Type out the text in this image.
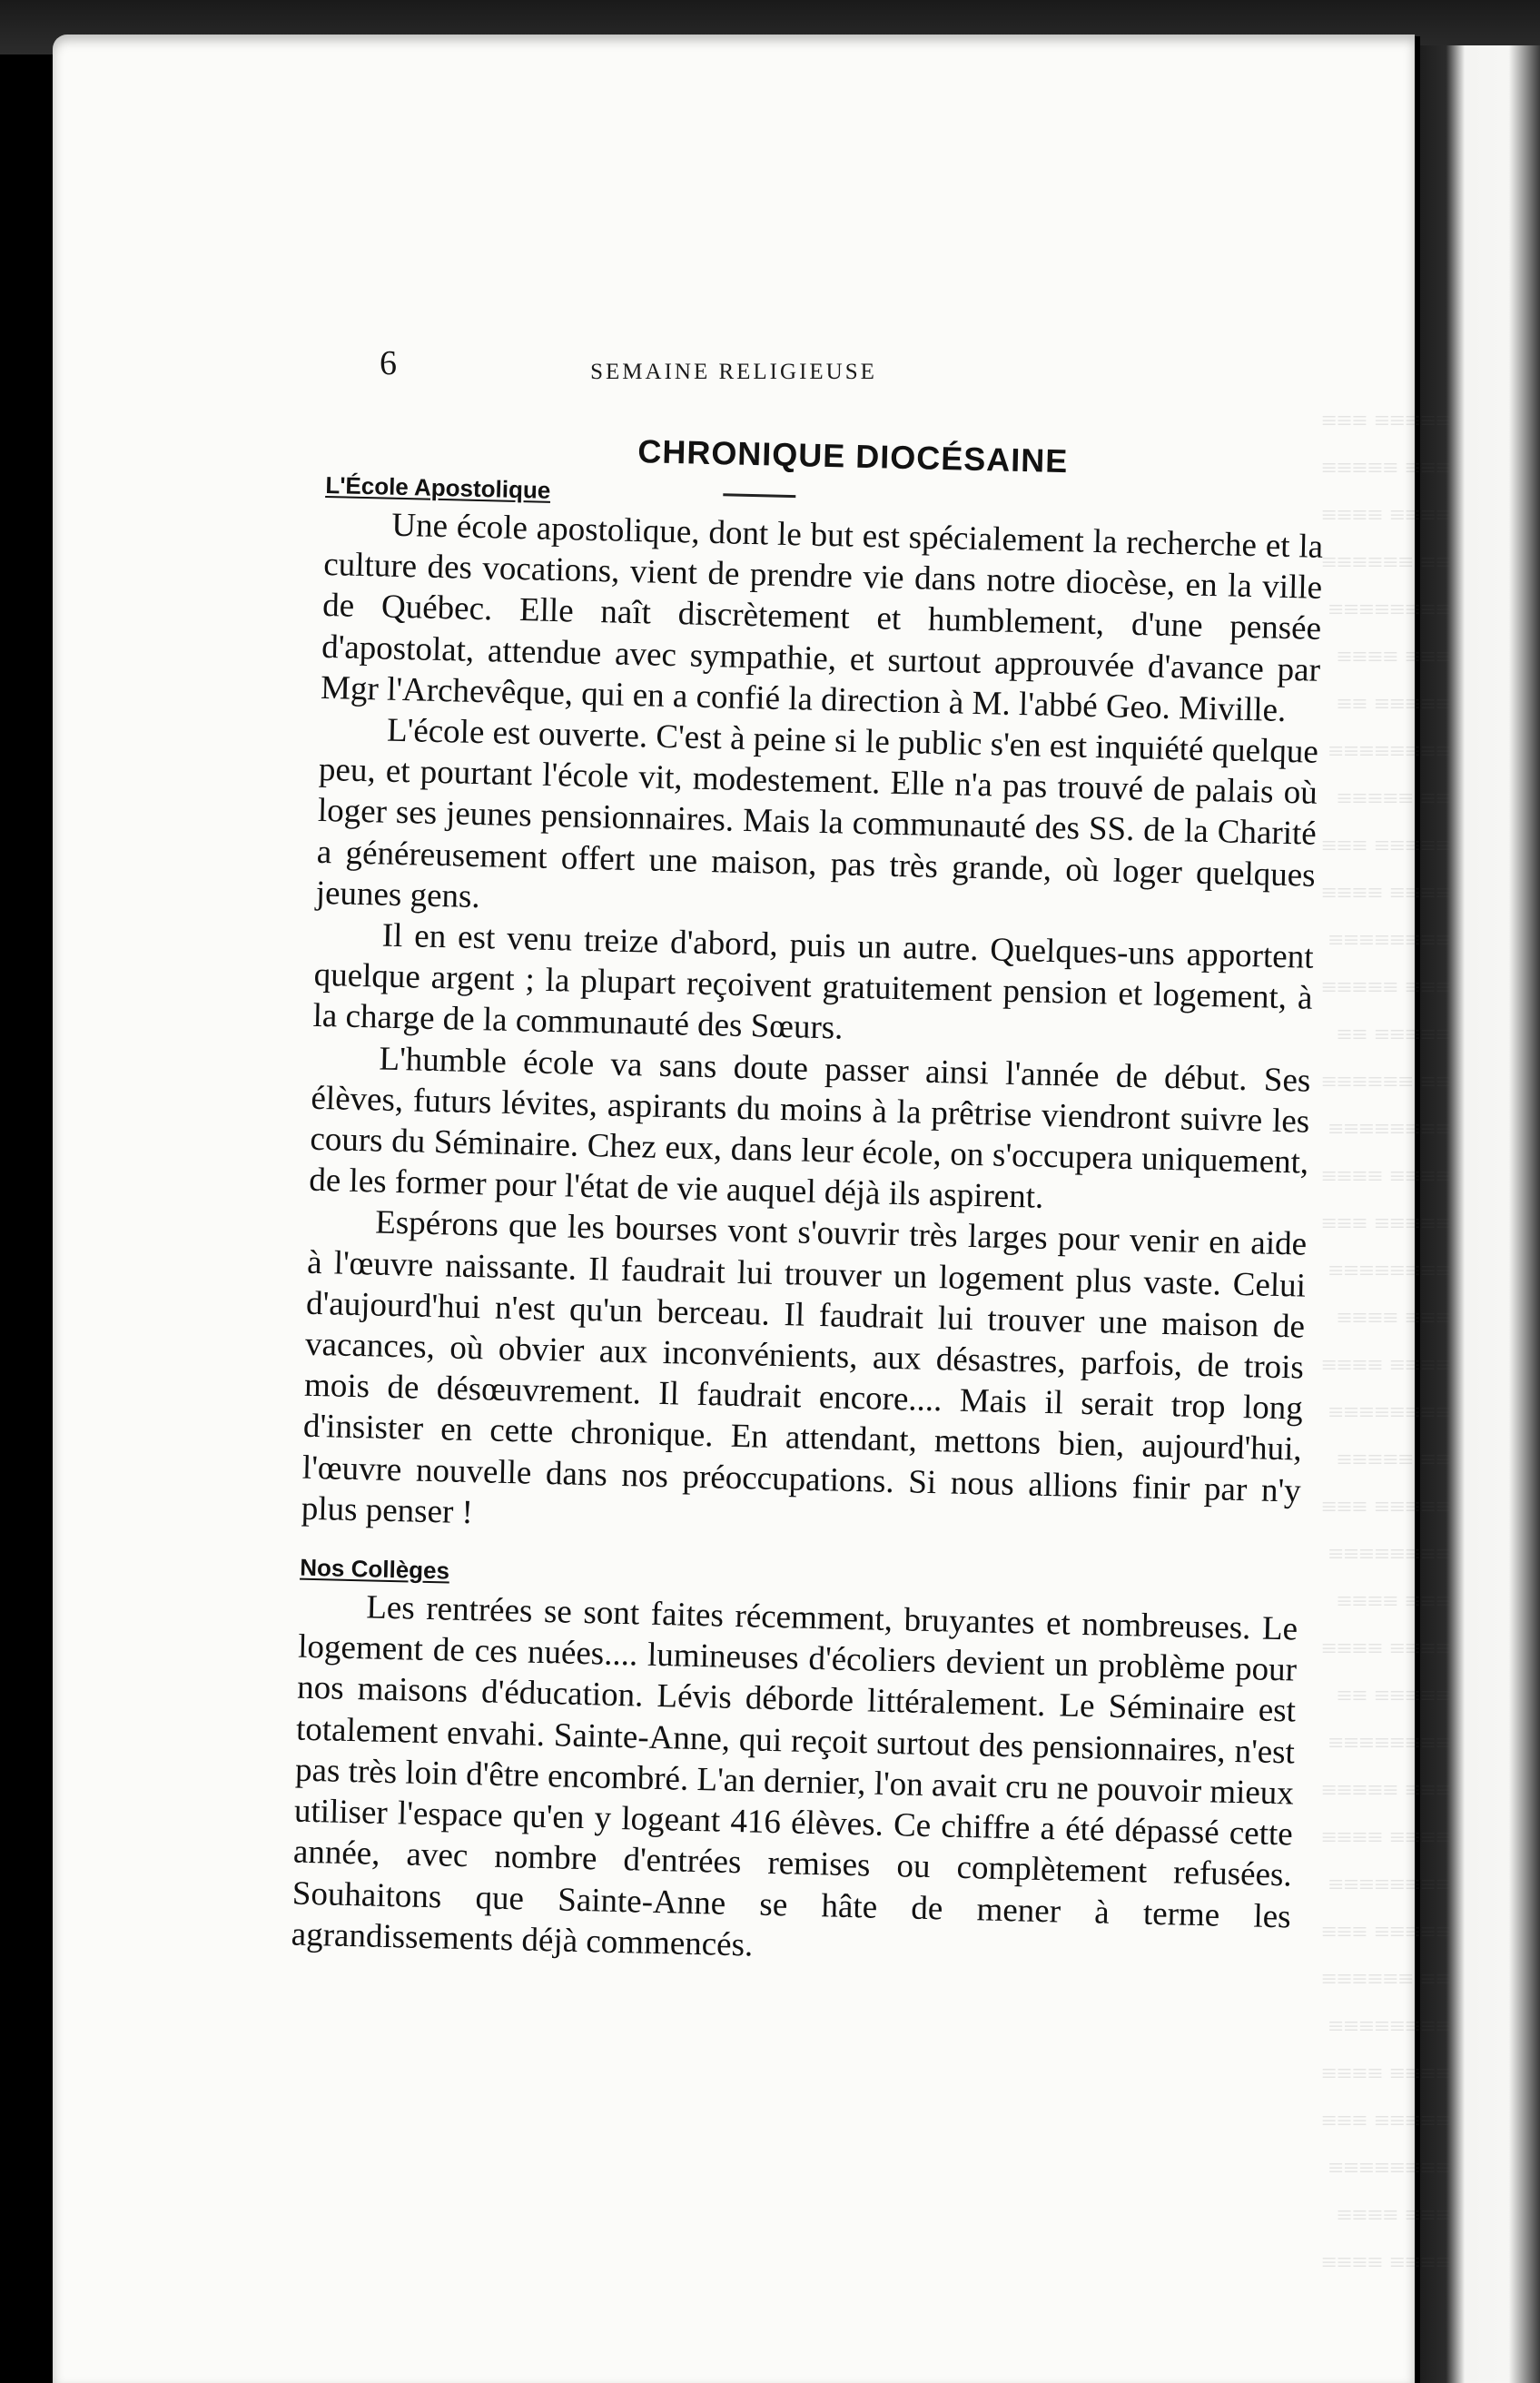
≡≡≡≡≡ ≡≡≡
≡≡≡ ≡≡≡≡≡
≡≡≡≡ ≡≡≡≡
≡≡ ≡≡≡≡≡≡
≡≡≡≡≡≡≡≡
≡≡≡ ≡≡≡≡
≡≡≡≡≡ ≡≡
≡≡≡≡≡≡≡≡
≡≡ ≡≡≡≡≡
≡≡≡≡≡ ≡≡≡
≡≡≡≡ ≡≡≡≡
≡≡≡≡≡≡≡≡
≡≡≡ ≡≡≡≡≡
≡≡≡≡≡ ≡≡
≡≡ ≡≡≡≡≡≡
≡≡≡≡≡≡≡≡
≡≡≡≡ ≡≡≡≡
≡≡≡≡≡ ≡≡≡
≡≡≡≡≡≡≡≡
≡≡≡ ≡≡≡≡
≡≡≡≡ ≡≡≡≡
≡≡≡≡≡≡≡≡
≡≡ ≡≡≡≡≡
≡≡≡≡≡ ≡≡≡
≡≡≡≡≡≡≡≡
≡≡≡ ≡≡≡≡
≡≡≡≡ ≡≡≡≡
≡≡≡≡≡ ≡≡
≡≡≡≡≡≡≡≡
≡≡≡ ≡≡≡≡≡
≡≡≡≡ ≡≡≡≡
≡≡≡≡≡≡≡≡
≡≡≡≡≡ ≡≡≡
≡≡ ≡≡≡≡≡≡
≡≡≡≡≡≡≡≡
≡≡≡≡ ≡≡≡≡
≡≡≡≡≡ ≡≡≡
≡≡≡≡≡≡≡≡
≡≡≡ ≡≡≡≡
≡≡≡≡ ≡≡≡≡
6	SEMAINE RELIGIEUSE
CHRONIQUE DIOCÉSAINE
L'École Apostolique

Une école apostolique, dont le but est spécialement la recherche et la culture des vocations, vient de prendre vie dans notre diocèse, en la ville de Québec. Elle naît discrètement et humblement, d'une pensée d'apostolat, attendue avec sympathie, et surtout approuvée d'avance par Mgr l'Archevêque, qui en a confié la direction à M. l'abbé Geo. Miville.

L'école est ouverte. C'est à peine si le public s'en est inquiété quelque peu, et pourtant l'école vit, modestement. Elle n'a pas trouvé de palais où loger ses jeunes pensionnaires. Mais la communauté des SS. de la Charité a généreusement offert une maison, pas très grande, où loger quelques jeunes gens.

Il en est venu treize d'abord, puis un autre. Quelques-uns apportent quelque argent ; la plupart reçoivent gratuitement pension et logement, à la charge de la communauté des Sœurs.

L'humble école va sans doute passer ainsi l'année de début. Ses élèves, futurs lévites, aspirants du moins à la prêtrise viendront suivre les cours du Séminaire. Chez eux, dans leur école, on s'occupera uniquement, de les former pour l'état de vie auquel déjà ils aspirent.

Espérons que les bourses vont s'ouvrir très larges pour venir en aide à l'œuvre naissante. Il faudrait lui trouver un logement plus vaste. Celui d'aujourd'hui n'est qu'un berceau. Il faudrait lui trouver une maison de vacances, où obvier aux inconvénients, aux désastres, parfois, de trois mois de désœuvrement. Il faudrait encore.... Mais il serait trop long d'insister en cette chronique. En attendant, mettons bien, aujourd'hui, l'œuvre nouvelle dans nos préoccupations. Si nous allions finir par n'y plus penser !

Nos Collèges

Les rentrées se sont faites récemment, bruyantes et nombreuses. Le logement de ces nuées.... lumineuses d'écoliers devient un problème pour nos maisons d'éducation. Lévis déborde littéralement. Le Séminaire est totalement envahi. Sainte-Anne, qui reçoit surtout des pensionnaires, n'est pas très loin d'être encombré. L'an dernier, l'on avait cru ne pouvoir mieux utiliser l'espace qu'en y logeant 416 élèves. Ce chiffre a été dépassé cette année, avec nombre d'entrées remises ou complètement refusées. Souhaitons que Sainte-Anne se hâte de mener à terme les agrandissements déjà commencés.
